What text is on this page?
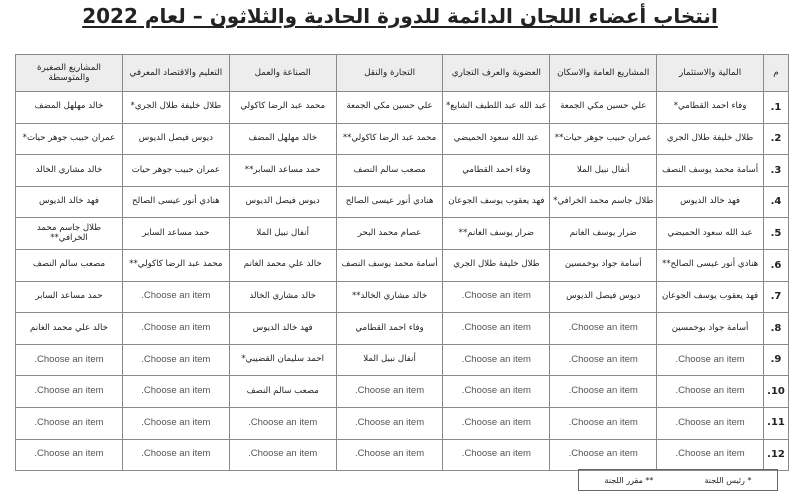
انتخاب أعضاء اللجان الدائمة للدورة الحادية والثلاثون – لعام 2022
م	المالية والاستثمار	المشاريع العامة والاسكان	العضوية والعرف التجاري	التجارة والنقل	الصناعة والعمل	التعليم والاقتصاد المعرفي	المشاريع الصغيرة والمتوسطة
1.	وفاء احمد القطامي*	علي حسين مكي الجمعة	عبد الله عبد اللطيف الشايع*	علي حسين مكي الجمعة	محمد عبد الرضا كاكولي	طلال خليفة طلال الجري*	خالد مهلهل المضف
2.	طلال خليفة طلال الجري	عمران حبيب جوهر حيات**	عبد الله سعود الحميضي	محمد عبد الرضا كاكولي**	خالد مهلهل المضف	ديوس فيصل الديوس	عمران حبيب جوهر حيات*
3.	أسامة محمد يوسف النصف	أنفال نبيل الملا	وفاء احمد القطامي	مصعب سالم النصف	حمد مساعد السابر**	عمران حبيب جوهر حيات	خالد مشاري الخالد
4.	فهد خالد الديوس	طلال جاسم محمد الخرافي*	فهد يعقوب يوسف الجوعان	هنادي أنور عيسى الصالح	ديوس فيصل الديوس	هنادي أنور عيسى الصالح	فهد خالد الديوس
5.	عبد الله سعود الحميضي	ضرار يوسف الغانم	ضرار يوسف الغانم**	عصام محمد البحر	أنفال نبيل الملا	حمد مساعد السابر	طلال جاسم محمد الخرافي**
6.	هنادي أنور عيسى الصالح**	أسامة جواد بوخمسين	طلال خليفة طلال الجري	أسامة محمد يوسف النصف	خالد علي محمد الغانم	محمد عبد الرضا كاكولي**	مصعب سالم النصف
7.	فهد يعقوب يوسف الجوعان	ديوس فيصل الديوس	Choose an item.	خالد مشاري الخالد**	خالد مشاري الخالد	Choose an item.	حمد مساعد السابر
8.	أسامة جواد بوخمسين	Choose an item.	Choose an item.	وفاء احمد القطامي	فهد خالد الديوس	Choose an item.	خالد علي محمد الغانم
9.	Choose an item.	Choose an item.	Choose an item.	أنفال نبيل الملا	احمد سليمان القضيبي*	Choose an item.	Choose an item.
10.	Choose an item.	Choose an item.	Choose an item.	Choose an item.	مصعب سالم النصف	Choose an item.	Choose an item.
11.	Choose an item.	Choose an item.	Choose an item.	Choose an item.	Choose an item.	Choose an item.	Choose an item.
12.	Choose an item.	Choose an item.	Choose an item.	Choose an item.	Choose an item.	Choose an item.	Choose an item.
* رئيس اللجنة
** مقرر اللجنة
